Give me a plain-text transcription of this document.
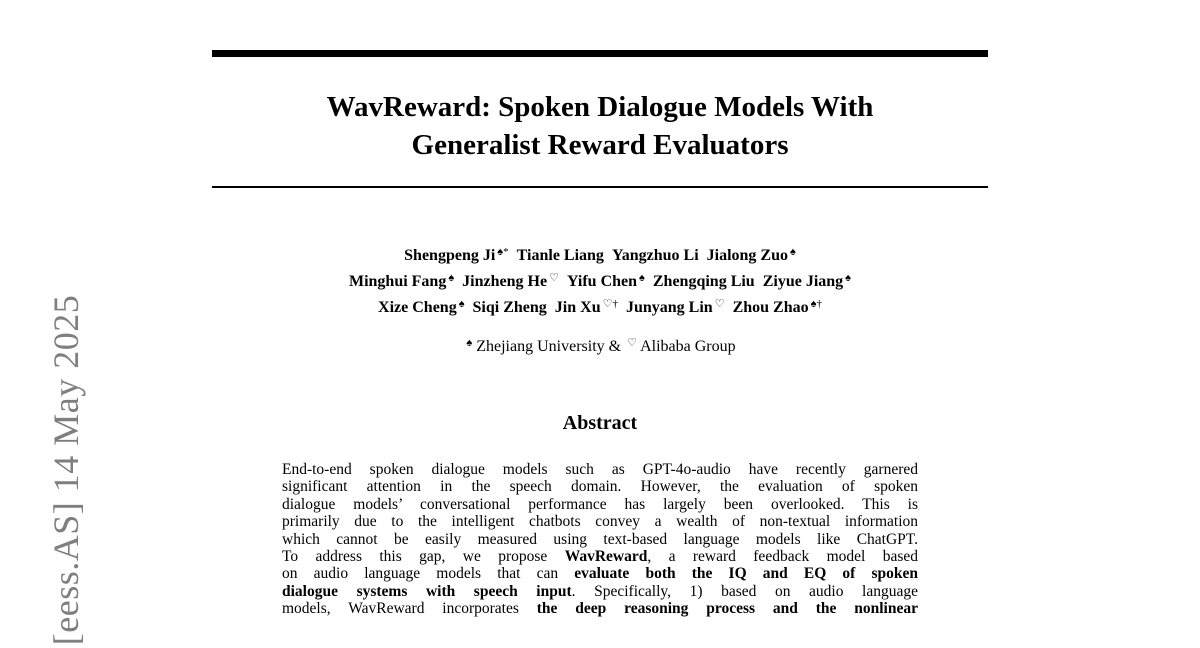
WavReward: Spoken Dialogue Models With
Generalist Reward Evaluators
Shengpeng Ji ♠* Tianle Liang Yangzhuo Li Jialong Zuo ♠
Minghui Fang ♠ Jinzheng He ♡ Yifu Chen ♠ Zhengqing Liu Ziyue Jiang ♠
Xize Cheng ♠ Siqi Zheng Jin Xu ♡† Junyang Lin ♡ Zhou Zhao ♠†
♠ Zhejiang University & ♡ Alibaba Group
Abstract
End-to-end spoken dialogue models such as GPT-4o-audio have recently garnered
significant attention in the speech domain. However, the evaluation of spoken
dialogue models’ conversational performance has largely been overlooked. This is
primarily due to the intelligent chatbots convey a wealth of non-textual information
which cannot be easily measured using text-based language models like ChatGPT.
To address this gap, we propose WavReward, a reward feedback model based
on audio language models that can evaluate both the IQ and EQ of spoken
dialogue systems with speech input. Specifically, 1) based on audio language
models, WavReward incorporates the deep reasoning process and the nonlinear
[eess.AS] 14 May 2025
